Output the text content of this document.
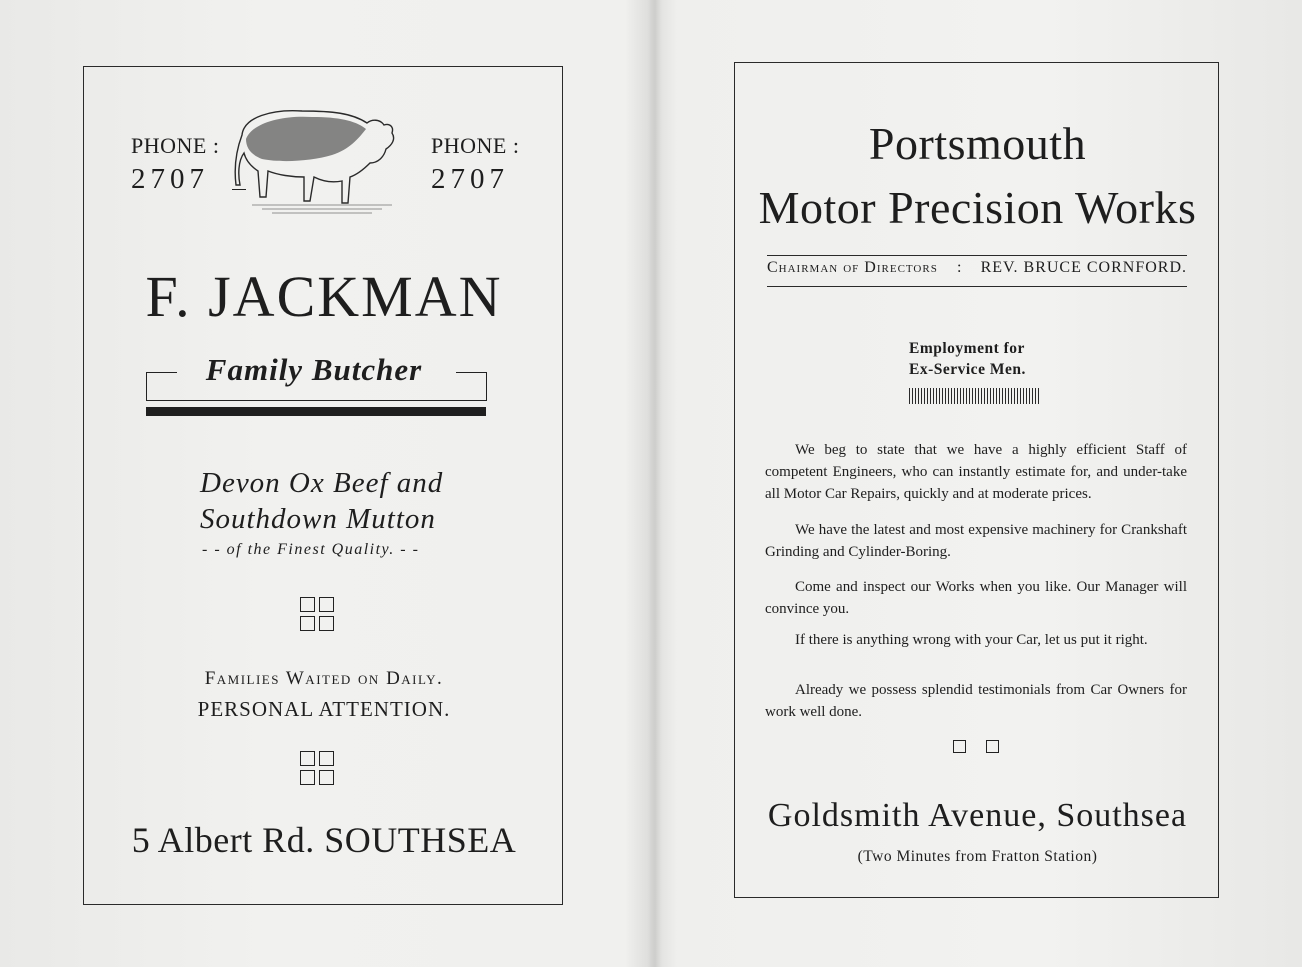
PHONE :
2707
PHONE :
2707
F. JACKMAN
Family Butcher
Devon Ox Beef and
Southdown Mutton
- - of the Finest Quality. - -
Families Waited on Daily.
PERSONAL ATTENTION.
5 Albert Rd. SOUTHSEA
Portsmouth
Motor Precision Works
Chairman of Directors : REV. BRUCE CORNFORD.
Employment for
Ex-Service Men.
We beg to state that we have a highly efficient Staff of competent Engineers, who can instantly estimate for, and under-take all Motor Car Repairs, quickly and at moderate prices.
We have the latest and most expensive machinery for Crankshaft Grinding and Cylinder-Boring.
Come and inspect our Works when you like. Our Manager will convince you.
If there is anything wrong with your Car, let us put it right.
Already we possess splendid testimonials from Car Owners for work well done.
Goldsmith Avenue, Southsea
(Two Minutes from Fratton Station)
